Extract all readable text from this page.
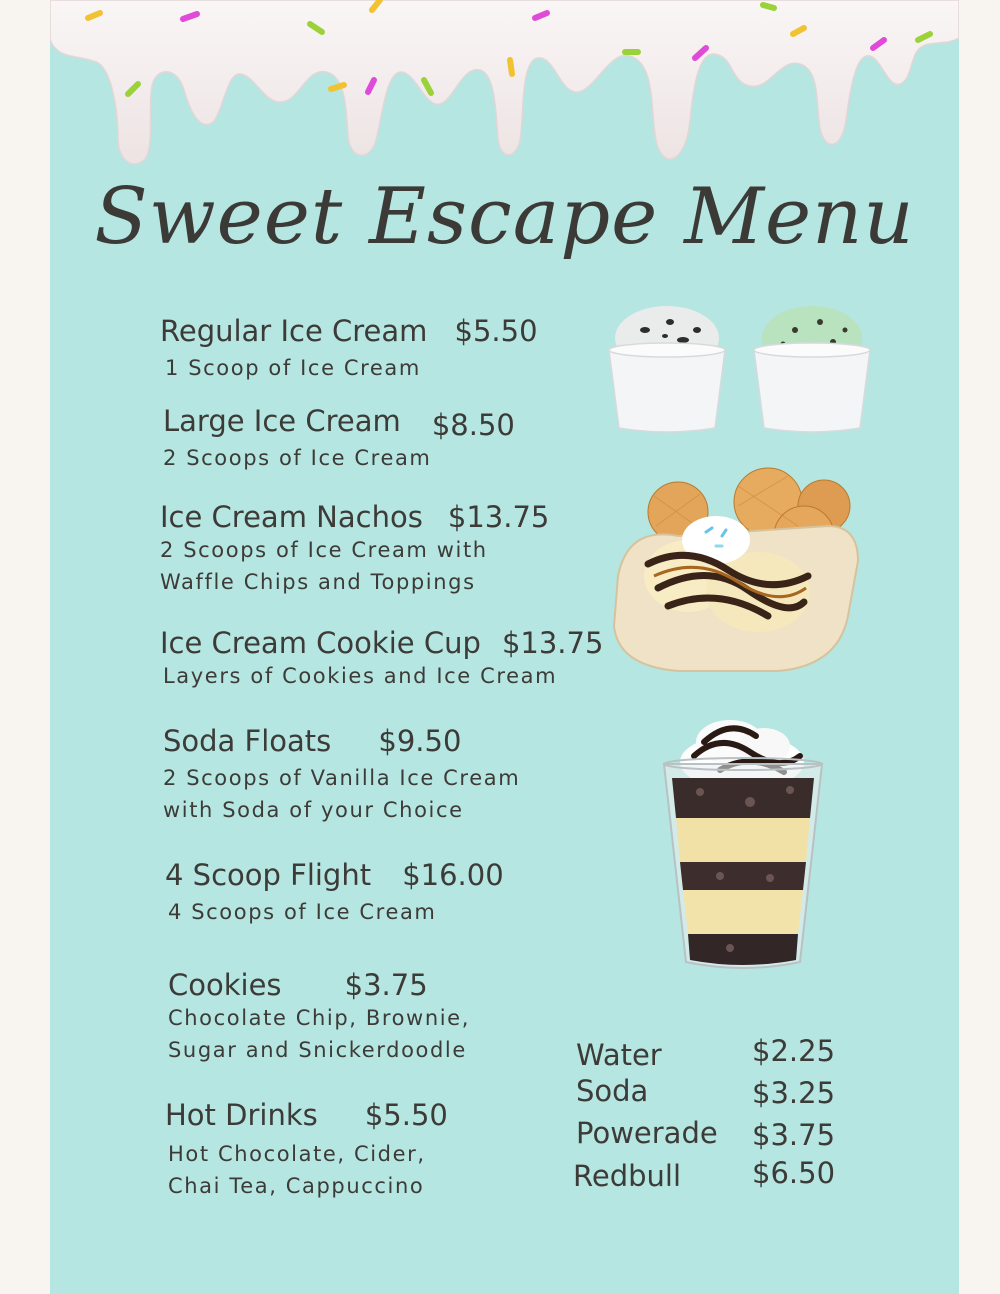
Sweet Escape Menu
Regular Ice Cream $5.50
1 Scoop of Ice Cream
Large Ice Cream $8.50
2 Scoops of Ice Cream
Ice Cream Nachos $13.75
2 Scoops of Ice Cream with
Waffle Chips and Toppings
Ice Cream Cookie Cup $13.75
Layers of Cookies and Ice Cream
Soda Floats $9.50
2 Scoops of Vanilla Ice Cream
with Soda of your Choice
4 Scoop Flight $16.00
4 Scoops of Ice Cream
Cookies $3.75
Chocolate Chip, Brownie,
Sugar and Snickerdoodle
Hot Drinks $5.50
Hot Chocolate, Cider,
Chai Tea, Cappuccino
Water	$2.25
Soda	$3.25
Powerade $3.75
Redbull $6.50
